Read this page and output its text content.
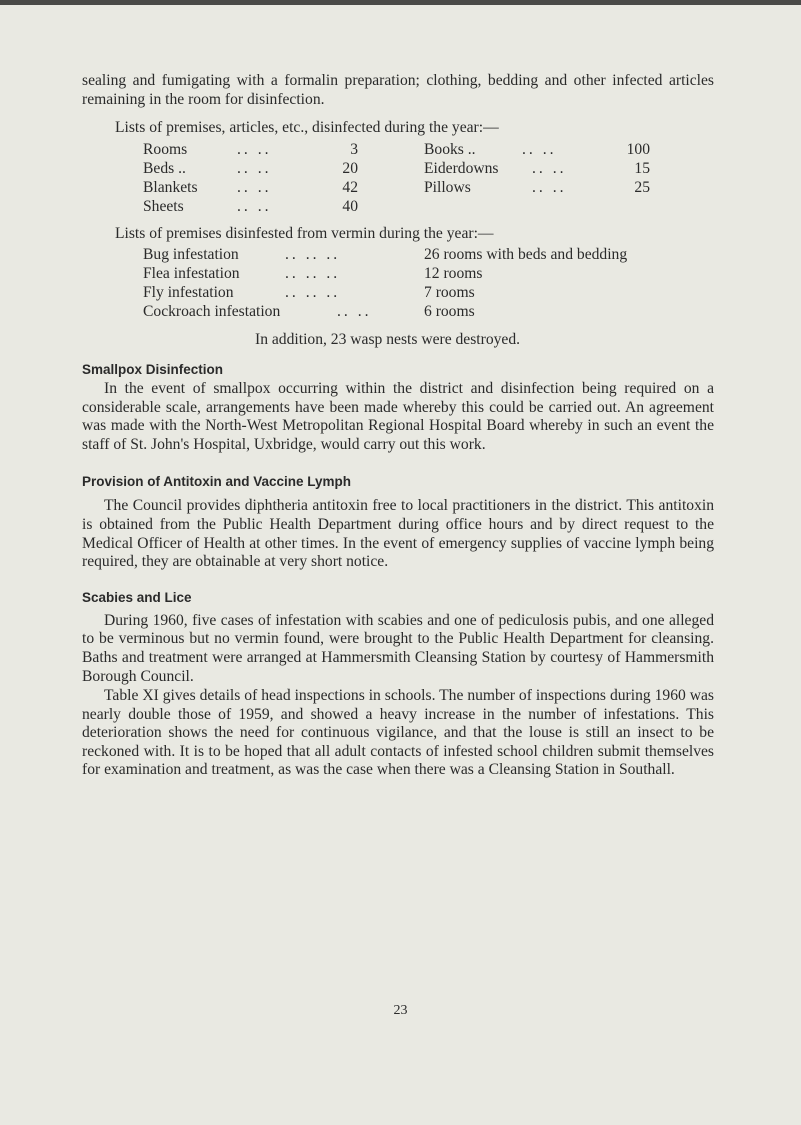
sealing and fumigating with a formalin preparation; clothing, bedding and other infected articles remaining in the room for disinfection.

Lists of premises, articles, etc., disinfected during the year:—

Rooms	.. ..	3	Books ..	.. ..	100
Beds ..	.. ..	20	Eiderdowns .. ..	15
Blankets	.. ..	42	Pillows	.. ..	25
Sheets	.. ..	40

Lists of premises disinfested from vermin during the year:—

Bug infestation	.. .. ..	26 rooms with beds and bedding
Flea infestation	.. .. ..	12 rooms
Fly infestation	.. .. ..	7 rooms
Cockroach infestation	.. ..	6 rooms

In addition, 23 wasp nests were destroyed.

Smallpox Disinfection

In the event of smallpox occurring within the district and disinfection being required on a considerable scale, arrangements have been made whereby this could be carried out. An agreement was made with the North-West Metropolitan Regional Hospital Board whereby in such an event the staff of St. John's Hospital, Uxbridge, would carry out this work.

Provision of Antitoxin and Vaccine Lymph

The Council provides diphtheria antitoxin free to local practitioners in the district. This antitoxin is obtained from the Public Health Department during office hours and by direct request to the Medical Officer of Health at other times. In the event of emergency supplies of vaccine lymph being required, they are obtainable at very short notice.

Scabies and Lice

During 1960, five cases of infestation with scabies and one of pediculosis pubis, and one alleged to be verminous but no vermin found, were brought to the Public Health Department for cleansing. Baths and treatment were arranged at Hammersmith Cleansing Station by courtesy of Hammersmith Borough Council.

Table XI gives details of head inspections in schools. The number of inspections during 1960 was nearly double those of 1959, and showed a heavy increase in the number of infestations. This deterioration shows the need for continuous vigilance, and that the louse is still an insect to be reckoned with. It is to be hoped that all adult contacts of infested school children submit themselves for examination and treatment, as was the case when there was a Cleansing Station in Southall.

23
